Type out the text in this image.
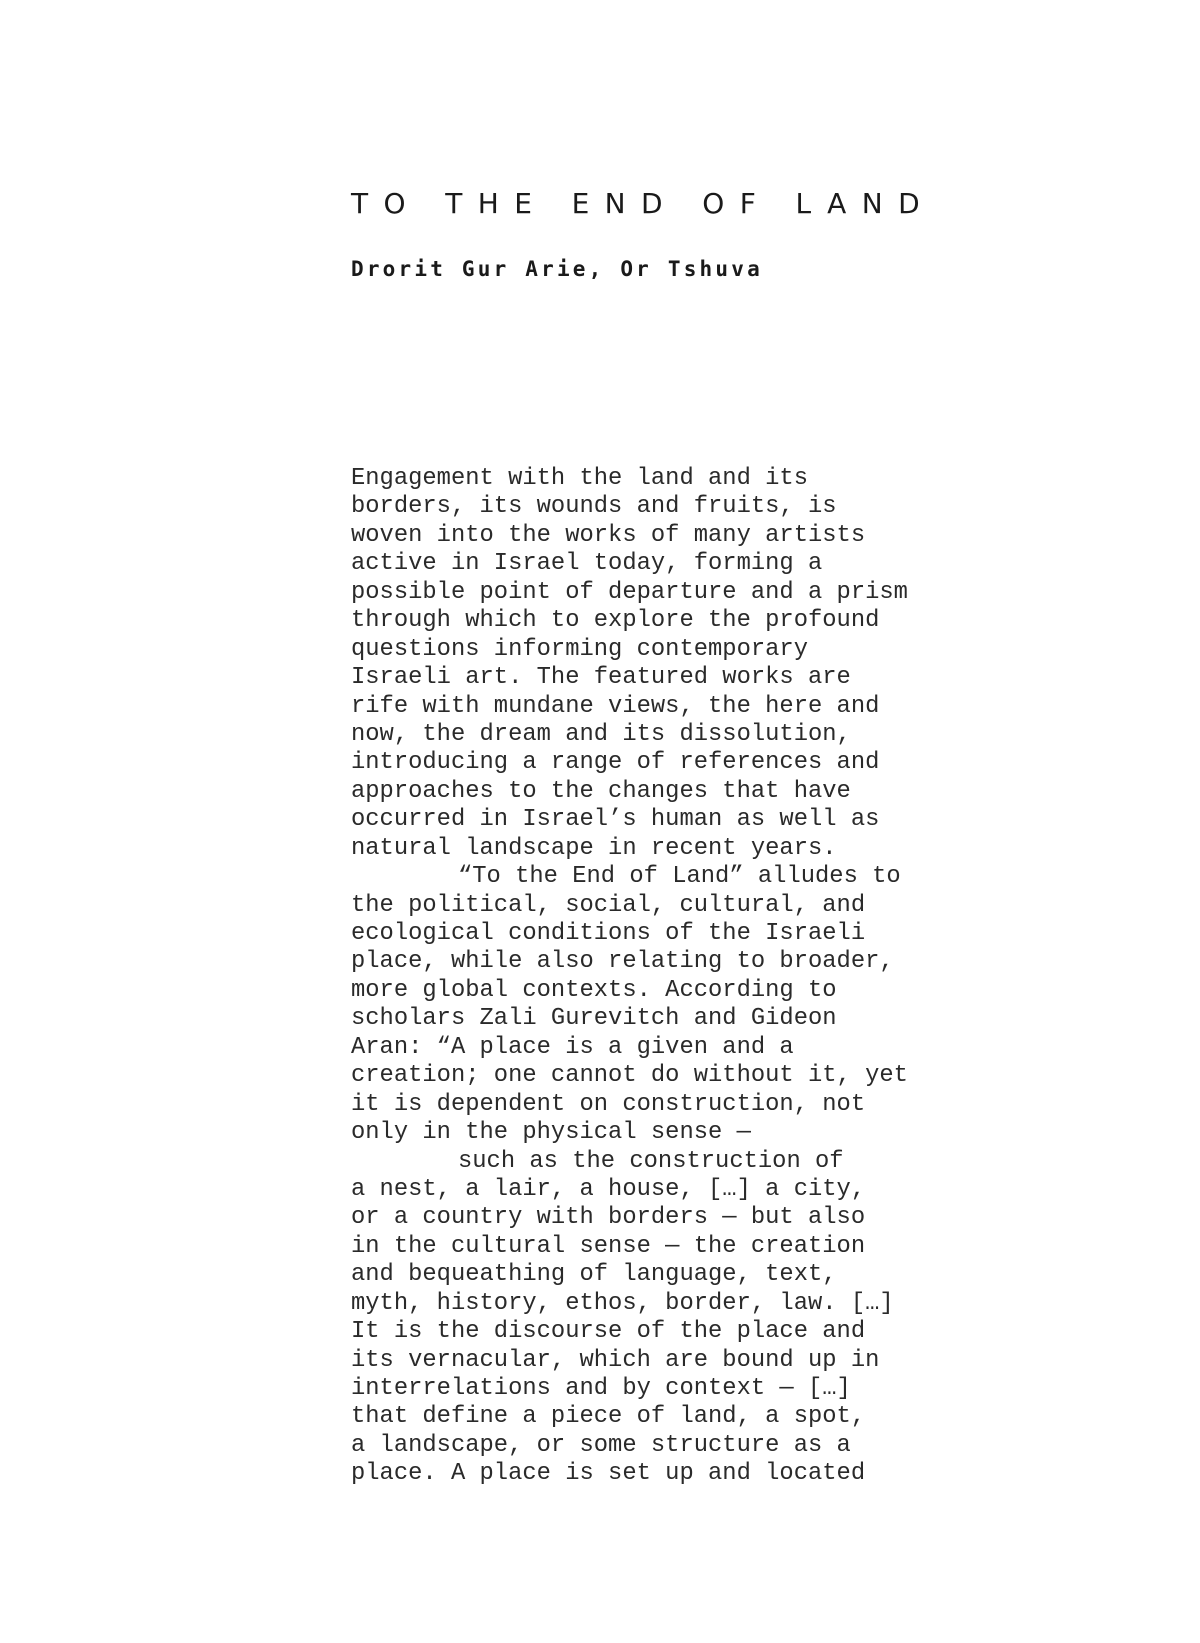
TO THE END OF LAND
Drorit Gur Arie, Or Tshuva
Engagement with the land and its
borders, its wounds and fruits, is
woven into the works of many artists
active in Israel today, forming a
possible point of departure and a prism
through which to explore the profound
questions informing contemporary
Israeli art. The featured works are
rife with mundane views, the here and
now, the dream and its dissolution,
introducing a range of references and
approaches to the changes that have
occurred in Israel’s human as well as
natural landscape in recent years.
“To the End of Land” alludes to
the political, social, cultural, and
ecological conditions of the Israeli
place, while also relating to broader,
more global contexts. According to
scholars Zali Gurevitch and Gideon
Aran: “A place is a given and a
creation; one cannot do without it, yet
it is dependent on construction, not
only in the physical sense —
such as the construction of
a nest, a lair, a house, […] a city,
or a country with borders — but also
in the cultural sense — the creation
and bequeathing of language, text,
myth, history, ethos, border, law. […]
It is the discourse of the place and
its vernacular, which are bound up in
interrelations and by context — […]
that define a piece of land, a spot,
a landscape, or some structure as a
place. A place is set up and located
